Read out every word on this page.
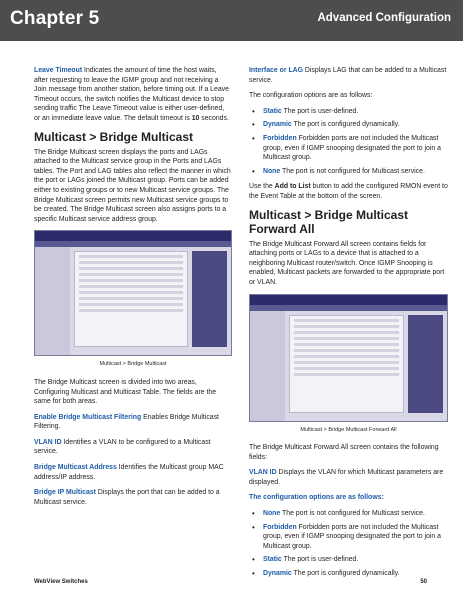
Chapter 5	Advanced Configuration

Leave Timeout Indicates the amount of time the host waits, after requesting to leave the IGMP group and not receiving a Join message from another station, before timing out. If a Leave Timeout occurs, the switch notifies the Multicast device to stop sending traffic The Leave Timeout value is either user-defined, or an immediate leave value. The default timeout is 10 seconds.

Multicast > Bridge Multicast

The Bridge Multicast screen displays the ports and LAGs attached to the Multicast service group in the Ports and LAGs tables. The Port and LAG tables also reflect the manner in which the port or LAGs joined the Multicast group. Ports can be added either to existing groups or to new Multicast service groups. The Bridge Multicast screen permits new Multicast service groups to be created. The Bridge Multicast screen also assigns ports to a specific Multicast service address group.

Multicast > Bridge Multicast

The Bridge Multicast screen is divided into two areas, Configuring Multicast and Multicast Table. The fields are the same for both areas.

Enable Bridge Multicast Filtering Enables Bridge Multicast Filtering.

VLAN ID Identifies a VLAN to be configured to a Multicast service.

Bridge Multicast Address Identifies the Multicast group MAC address/IP address.

Bridge IP Multicast Displays the port that can be added to a Multicast service.

Interface or LAG Displays LAG that can be added to a Multicast service.

The configuration options are as follows:

• Static The port is user-defined.
• Dynamic The port is configured dynamically.
• Forbidden Forbidden ports are not included the Multicast group, even if IGMP snooping designated the port to join a Multicast group.
• None The port is not configured for Multicast service.

Use the Add to List button to add the configured RMON event to the Event Table at the bottom of the screen.

Multicast > Bridge Multicast Forward All

The Bridge Multicast Forward All screen contains fields for attaching ports or LAGs to a device that is attached to a neighboring Multicast router/switch. Once IGMP Snooping is enabled, Multicast packets are forwarded to the appropriate port or VLAN.

Multicast > Bridge Multicast Forward All

The Bridge Multicast Forward All screen contains the following fields:

VLAN ID Displays the VLAN for which Multicast parameters are displayed.

The configuration options are as follows:

• None The port is not configured for Multicast service.
• Forbidden Forbidden ports are not included the Multicast group, even if IGMP snooping designated the port to join a Multicast group.
• Static The port is user-defined.
• Dynamic The port is configured dynamically.
WebView Switches	50
